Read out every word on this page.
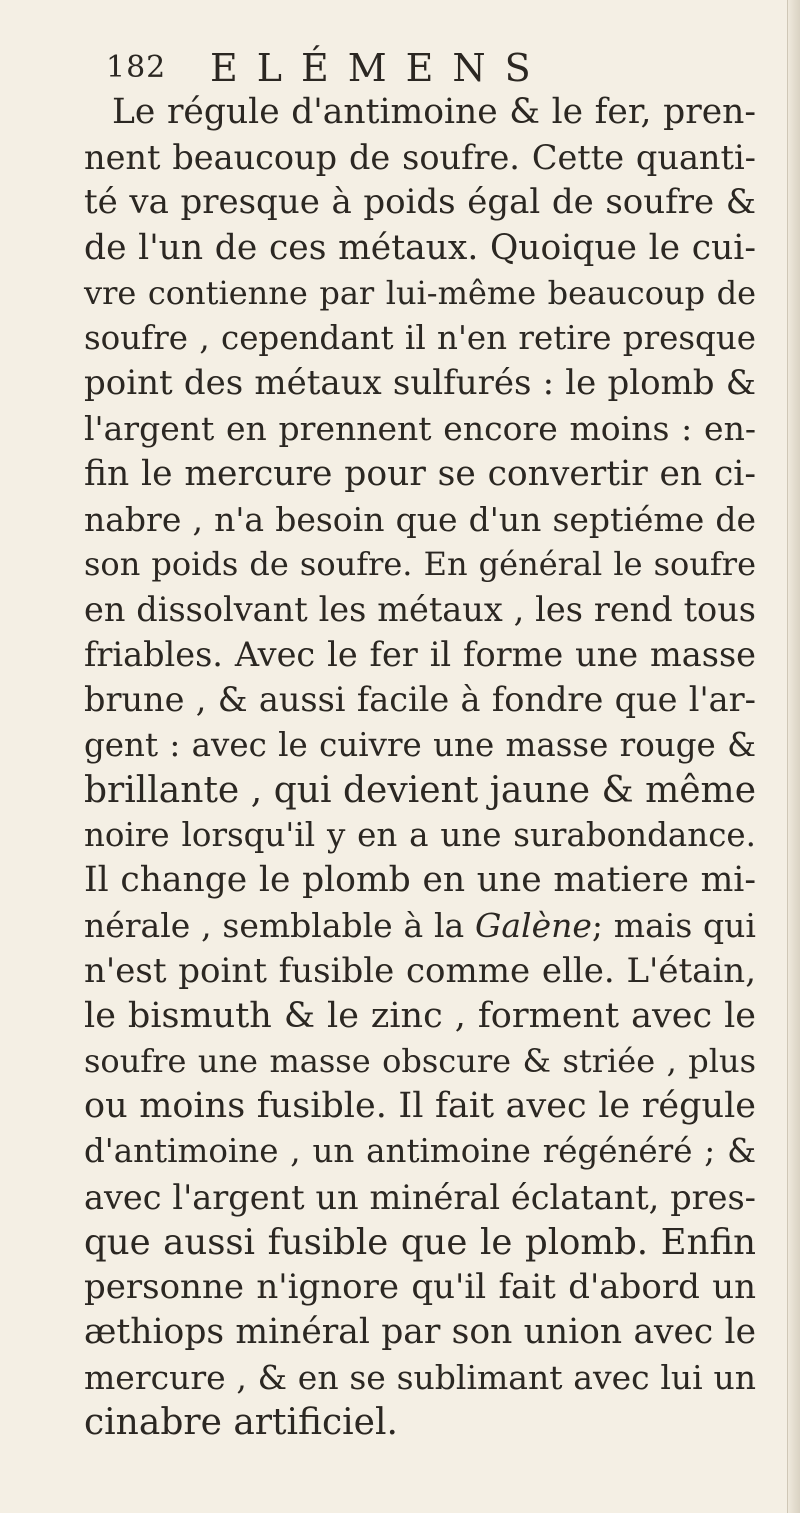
182 ELÉMENS
Le régule d'antimoine & le fer, pren-
nent beaucoup de soufre. Cette quanti-
té va presque à poids égal de soufre &
de l'un de ces métaux. Quoique le cui-
vre contienne par lui-même beaucoup de
soufre , cependant il n'en retire presque
point des métaux sulfurés : le plomb &
l'argent en prennent encore moins : en-
fin le mercure pour se convertir en ci-
nabre , n'a besoin que d'un septiéme de
son poids de soufre. En général le soufre
en dissolvant les métaux , les rend tous
friables. Avec le fer il forme une masse
brune , & aussi facile à fondre que l'ar-
gent : avec le cuivre une masse rouge &
brillante , qui devient jaune & même
noire lorsqu'il y en a une surabondance.
Il change le plomb en une matiere mi-
nérale , semblable à la Galène; mais qui
n'est point fusible comme elle. L'étain,
le bismuth & le zinc , forment avec le
soufre une masse obscure & striée , plus
ou moins fusible. Il fait avec le régule
d'antimoine , un antimoine régénéré ; &
avec l'argent un minéral éclatant, pres-
que aussi fusible que le plomb. Enfin
personne n'ignore qu'il fait d'abord un
æthiops minéral par son union avec le
mercure , & en se sublimant avec lui un
cinabre artificiel.
